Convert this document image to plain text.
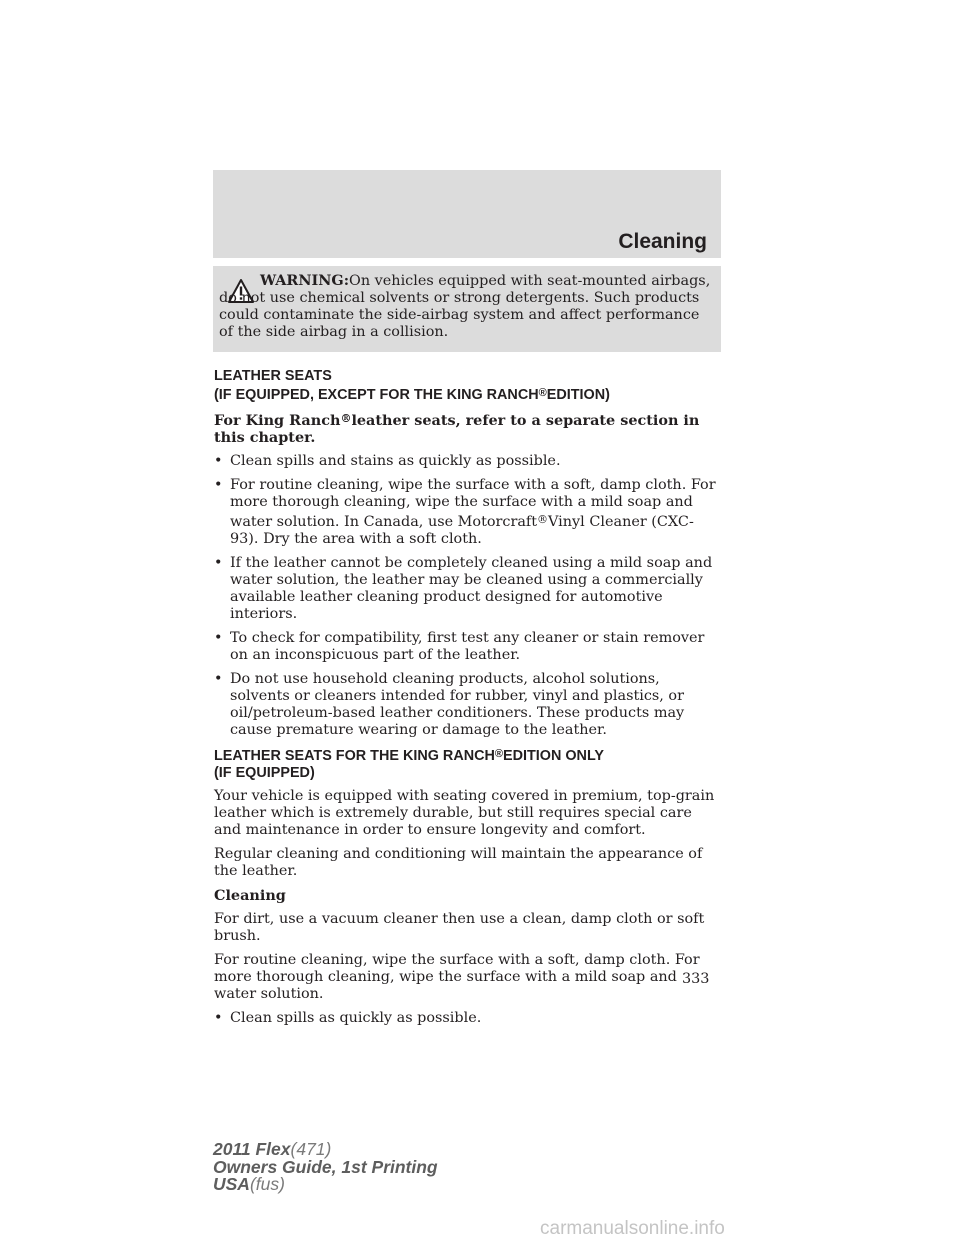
Cleaning

WARNING:On vehicles equipped with seat-mounted airbags, do not use chemical solvents or strong detergents. Such products could contaminate the side-airbag system and affect performance of the side airbag in a collision.

LEATHER SEATS
(IF EQUIPPED, EXCEPT FOR THE KING RANCH®EDITION)

For King Ranch®leather seats, refer to a separate section in this chapter.

• Clean spills and stains as quickly as possible.
• For routine cleaning, wipe the surface with a soft, damp cloth. For more thorough cleaning, wipe the surface with a mild soap and water solution. In Canada, use Motorcraft®Vinyl Cleaner (CXC-93). Dry the area with a soft cloth.
• If the leather cannot be completely cleaned using a mild soap and water solution, the leather may be cleaned using a commercially available leather cleaning product designed for automotive interiors.
• To check for compatibility, first test any cleaner or stain remover on an inconspicuous part of the leather.
• Do not use household cleaning products, alcohol solutions, solvents or cleaners intended for rubber, vinyl and plastics, or oil/petroleum-based leather conditioners. These products may cause premature wearing or damage to the leather.
LEATHER SEATS FOR THE KING RANCH®EDITION ONLY
(IF EQUIPPED)

Your vehicle is equipped with seating covered in premium, top-grain leather which is extremely durable, but still requires special care and maintenance in order to ensure longevity and comfort.

Regular cleaning and conditioning will maintain the appearance of the leather.

Cleaning

For dirt, use a vacuum cleaner then use a clean, damp cloth or soft brush.

For routine cleaning, wipe the surface with a soft, damp cloth. For more thorough cleaning, wipe the surface with a mild soap and water solution.

• Clean spills as quickly as possible.
333
2011 Flex(471)
Owners Guide, 1st Printing
USA(fus)
carmanualsonline.info
